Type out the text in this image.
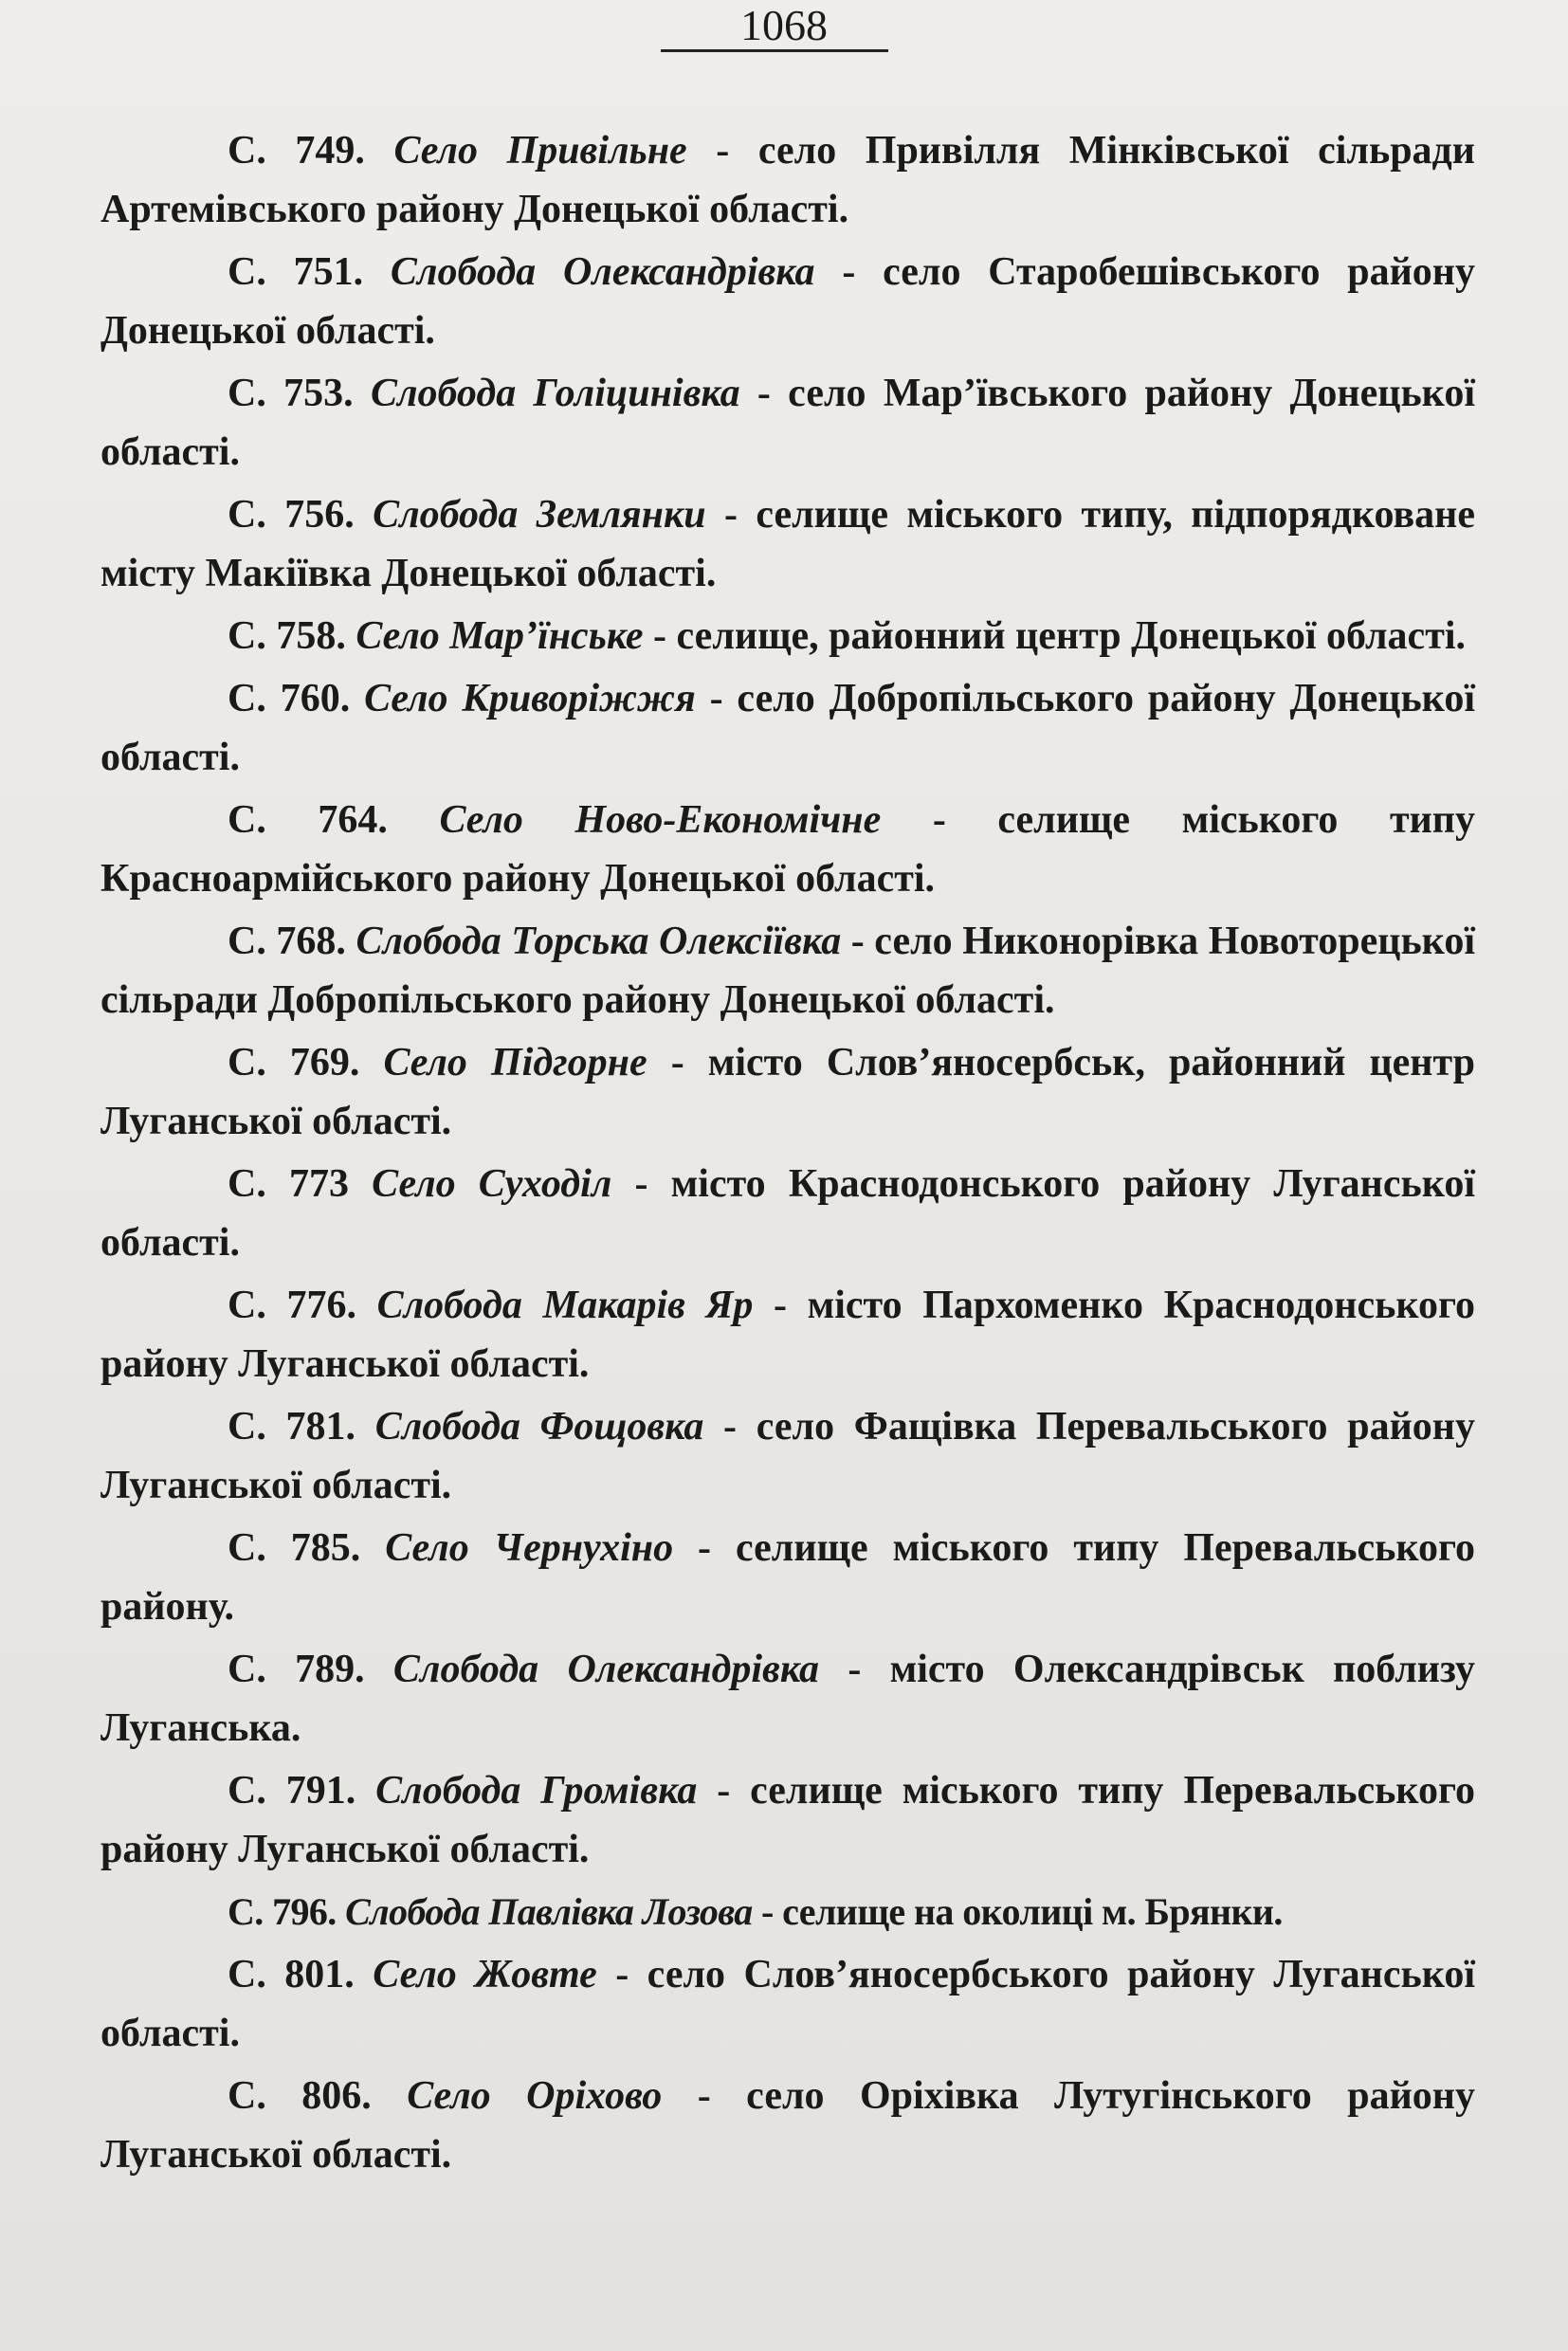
1068

С. 749. Село Привільне - село Привілля Мінківської сільради Артемівського району Донецької області.

С. 751. Слобода Олександрівка - село Старобешівського району Донецької області.

С. 753. Слобода Голіцинівка - село Мар’ївського району Донецької області.

С. 756. Слобода Землянки - селище міського типу, підпорядковане місту Макіївка Донецької області.

С. 758. Село Мар’їнське - селище, районний центр Донецької області.

С. 760. Село Криворіжжя - село Добропільського району Донецької області.

С. 764. Село Ново-Економічне - селище міського типу Красноармійського району Донецької області.

С. 768. Слобода Торська Олексіївка - село Никонорівка Новоторецької сільради Добропільського району Донецької області.

С. 769. Село Підгорне - місто Слов’яносербськ, районний центр Луганської області.

С. 773 Село Суходіл - місто Краснодонського району Луганської області.

С. 776. Слобода Макарів Яр - місто Пархоменко Краснодонського району Луганської області.

С. 781. Слобода Фощовка - село Фащівка Перевальського району Луганської області.

С. 785. Село Чернухіно - селище міського типу Перевальського району.

С. 789. Слобода Олександрівка - місто Олександрівськ поблизу Луганська.

С. 791. Слобода Громівка - селище міського типу Перевальського району Луганської області.

С. 796. Слобода Павлівка Лозова - селище на околиці м. Брянки.

С. 801. Село Жовте - село Слов’яносербського району Луганської області.

С. 806. Село Оріхово - село Оріхівка Лутугінського району Луганської області.
